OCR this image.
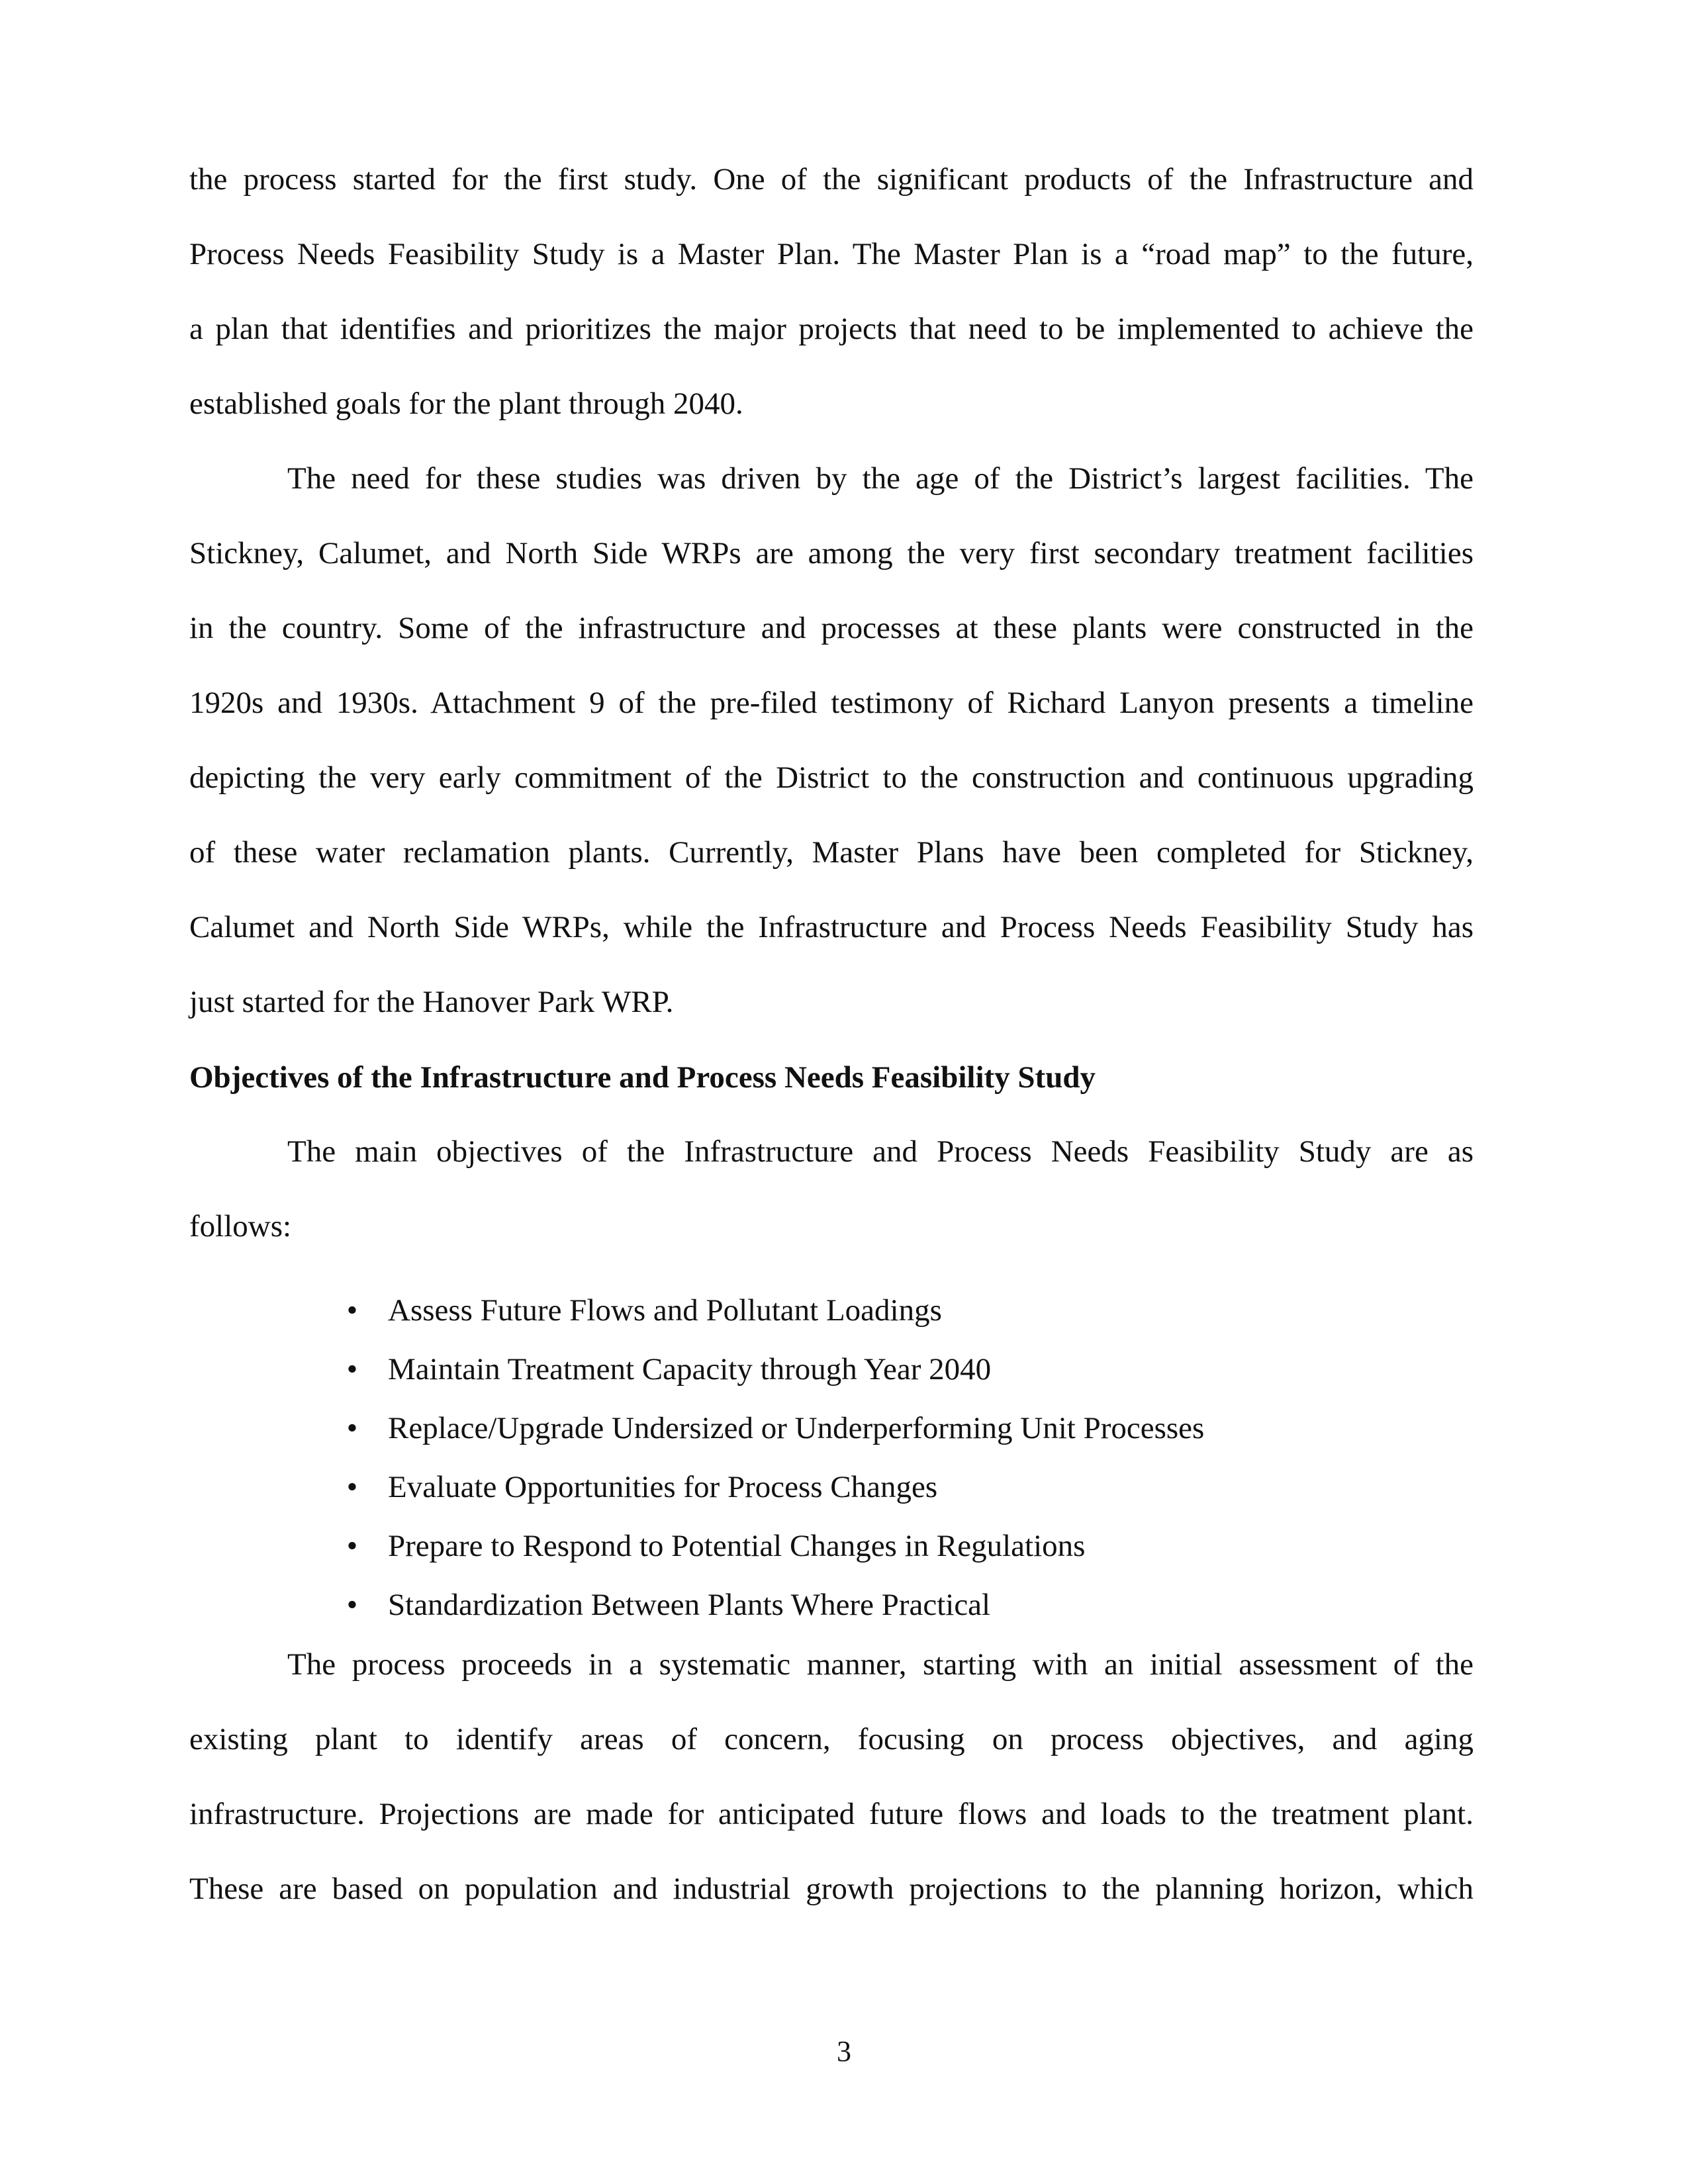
the process started for the first study. One of the significant products of the Infrastructure and
Process Needs Feasibility Study is a Master Plan. The Master Plan is a “road map” to the future,
a plan that identifies and prioritizes the major projects that need to be implemented to achieve the
established goals for the plant through 2040.
The need for these studies was driven by the age of the District’s largest facilities. The
Stickney, Calumet, and North Side WRPs are among the very first secondary treatment facilities
in the country. Some of the infrastructure and processes at these plants were constructed in the
1920s and 1930s. Attachment 9 of the pre-filed testimony of Richard Lanyon presents a timeline
depicting the very early commitment of the District to the construction and continuous upgrading
of these water reclamation plants. Currently, Master Plans have been completed for Stickney,
Calumet and North Side WRPs, while the Infrastructure and Process Needs Feasibility Study has
just started for the Hanover Park WRP.
Objectives of the Infrastructure and Process Needs Feasibility Study
The main objectives of the Infrastructure and Process Needs Feasibility Study are as
follows:
• Assess Future Flows and Pollutant Loadings
• Maintain Treatment Capacity through Year 2040
• Replace/Upgrade Undersized or Underperforming Unit Processes
• Evaluate Opportunities for Process Changes
• Prepare to Respond to Potential Changes in Regulations
• Standardization Between Plants Where Practical
The process proceeds in a systematic manner, starting with an initial assessment of the
existing plant to identify areas of concern, focusing on process objectives, and aging
infrastructure. Projections are made for anticipated future flows and loads to the treatment plant.
These are based on population and industrial growth projections to the planning horizon, which
3
